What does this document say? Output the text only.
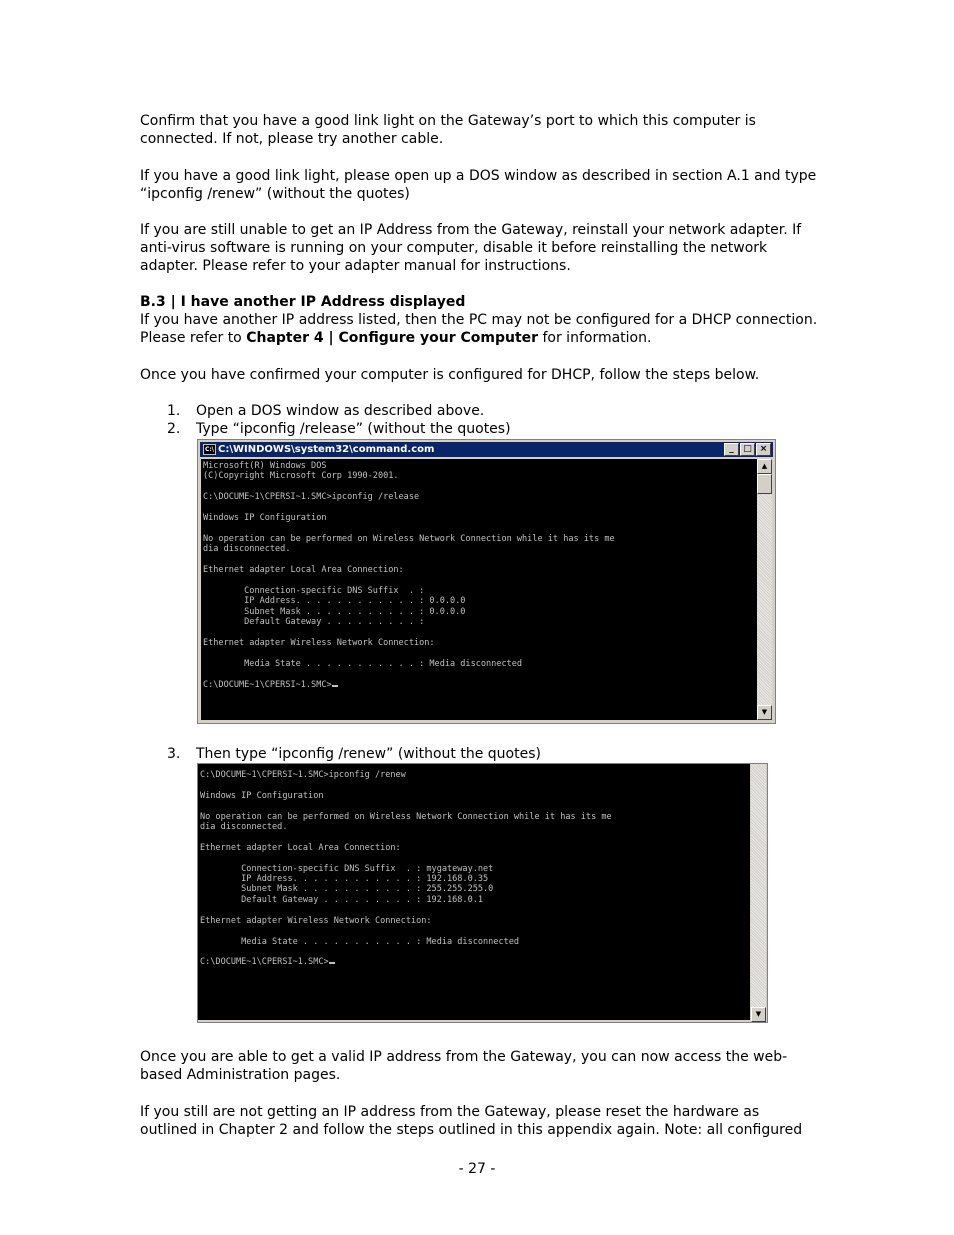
Confirm that you have a good link light on the Gateway’s port to which this computer is connected. If not, please try another cable.
If you have a good link light, please open up a DOS window as described in section A.1 and type “ipconfig /renew” (without the quotes)
If you are still unable to get an IP Address from the Gateway, reinstall your network adapter. If anti-virus software is running on your computer, disable it before reinstalling the network adapter. Please refer to your adapter manual for instructions.
B.3 | I have another IP Address displayed
If you have another IP address listed, then the PC may not be configured for a DHCP connection. Please refer to Chapter 4 | Configure your Computer for information.
Once you have confirmed your computer is configured for DHCP, follow the steps below.
1.	Open a DOS window as described above.
2.	Type “ipconfig /release” (without the quotes)
C:\ C:\WINDOWS\system32\command.com	_ □ ×
Microsoft(R) Windows DOS
(C)Copyright Microsoft Corp 1990-2001.

C:\DOCUME~1\CPERSI~1.SMC>ipconfig /release

Windows IP Configuration

No operation can be performed on Wireless Network Connection while it has its me
dia disconnected.

Ethernet adapter Local Area Connection:

Connection-specific DNS Suffix  . :
IP Address. . . . . . . . . . . . : 0.0.0.0
Subnet Mask . . . . . . . . . . . : 0.0.0.0
Default Gateway . . . . . . . . . :

Ethernet adapter Wireless Network Connection:

Media State . . . . . . . . . . . : Media disconnected

C:\DOCUME~1\CPERSI~1.SMC>
▲
▼
3.	Then type “ipconfig /renew” (without the quotes)
C:\DOCUME~1\CPERSI~1.SMC>ipconfig /renew

Windows IP Configuration

No operation can be performed on Wireless Network Connection while it has its me
dia disconnected.

Ethernet adapter Local Area Connection:

Connection-specific DNS Suffix  . : mygateway.net
IP Address. . . . . . . . . . . . : 192.168.0.35
Subnet Mask . . . . . . . . . . . : 255.255.255.0
Default Gateway . . . . . . . . . : 192.168.0.1

Ethernet adapter Wireless Network Connection:

Media State . . . . . . . . . . . : Media disconnected

C:\DOCUME~1\CPERSI~1.SMC>
▼
Once you are able to get a valid IP address from the Gateway, you can now access the web-based Administration pages.
If you still are not getting an IP address from the Gateway, please reset the hardware as outlined in Chapter 2 and follow the steps outlined in this appendix again. Note: all configured
- 27 -
